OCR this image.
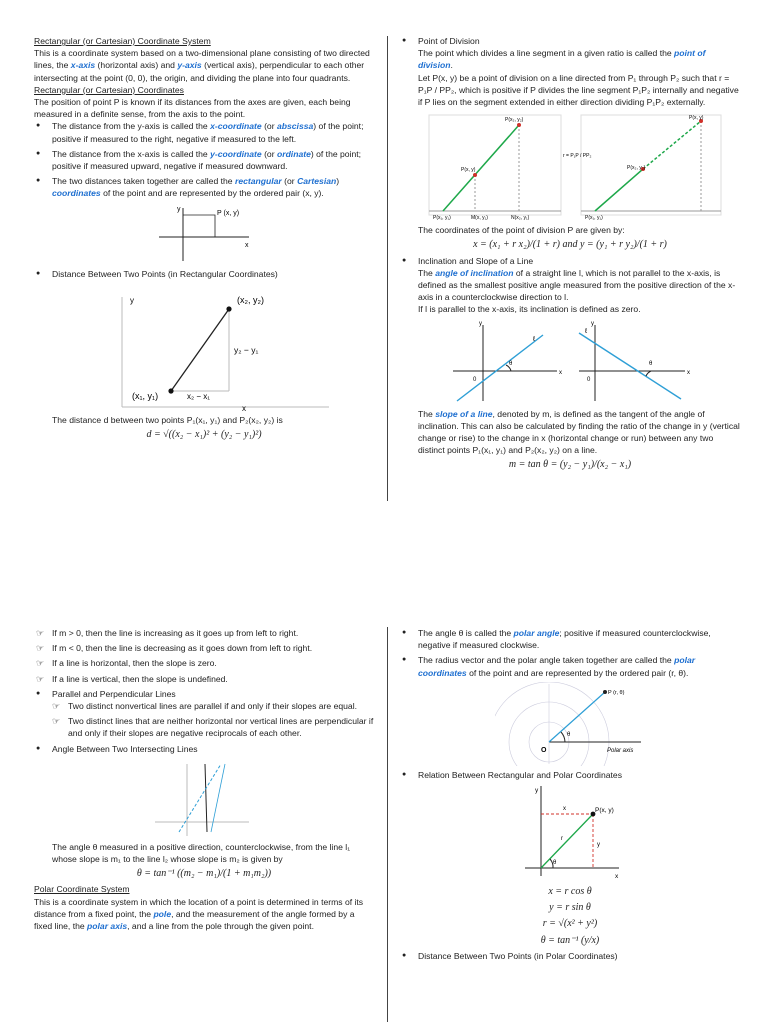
Rectangular (or Cartesian) Coordinate System

This is a coordinate system based on a two-dimensional plane consisting of two directed lines, the x-axis (horizontal axis) and y-axis (vertical axis), perpendicular to each other intersecting at the point (0, 0), the origin, and dividing the plane into four quadrants.

Rectangular (or Cartesian) Coordinates

The position of point P is known if its distances from the axes are given, each being measured in a definite sense, from the axis to the point.

● The distance from the y-axis is called the x-coordinate (or abscissa) of the point; positive if measured to the right, negative if measured to the left.
● The distance from the x-axis is called the y-coordinate (or ordinate) of the point; positive if measured upward, negative if measured downward.
● The two distances taken together are called the rectangular (or Cartesian) coordinates of the point and are represented by the ordered pair (x, y).
y
x
P (x, y)
● Distance Between Two Points (in Rectangular Coordinates)
y
x
(x₂, y₂)
(x₁, y₁)
y₂ − y₁
x₂ − x₁

The distance d between two points P₁(x₁, y₁) and P₂(x₂, y₂) is

d = √((x₂ − x₁)² + (y₂ − y₁)²)

● Point of Division

The point which divides a line segment in a given ratio is called the point of division.

Let P(x, y) be a point of division on a line directed from P₁ through P₂ such that r = P₁P / PP₂, which is positive if P divides the line segment P₁P₂ internally and negative if P lies on the segment extended in either direction dividing P₁P₂ externally.

P(x₂, y₂)
P(x, y)
P(x₁, y₁)	M(x, y₁)	N(x₂, y₁)
r = P₁P / PP₂
P(x, y)
P(x₁, y₁)
P(x₂, y₂)

The coordinates of the point of division P are given by:

x = (x₁ + r x₂)/(1 + r) and y = (y₁ + r y₂)/(1 + r)

● Inclination and Slope of a Line

The angle of inclination of a straight line l, which is not parallel to the x-axis, is defined as the smallest positive angle measured from the positive direction of the x-axis in a counterclockwise direction to l.

If l is parallel to the x-axis, its inclination is defined as zero.

θ
ℓ
0
x
y
θ
ℓ
0
x
y

The slope of a line, denoted by m, is defined as the tangent of the angle of inclination. This can also be calculated by finding the ratio of the change in y (vertical change or rise) to the change in x (horizontal change or run) between any two distinct points P₁(x₁, y₁) and P₂(x₂, y₂) on a line.

m = tan θ = (y₂ − y₁)/(x₂ − x₁)

☞ If m > 0, then the line is increasing as it goes up from left to right.
☞ If m < 0, then the line is decreasing as it goes down from left to right.
☞ If a line is horizontal, then the slope is zero.
☞ If a line is vertical, then the slope is undefined.
● Parallel and Perpendicular Lines
☞ Two distinct nonvertical lines are parallel if and only if their slopes are equal.
☞ Two distinct lines that are neither horizontal nor vertical lines are perpendicular if and only if their slopes are negative reciprocals of each other.
● Angle Between Two Intersecting Lines

The angle θ measured in a positive direction, counterclockwise, from the line l₁ whose slope is m₁ to the line l₂ whose slope is m₂ is given by

θ = tan⁻¹ ((m₂ − m₁)/(1 + m₁m₂))

Polar Coordinate System

This is a coordinate system in which the location of a point is determined in terms of its distance from a fixed point, the pole, and the measurement of the angle formed by a fixed line, the polar axis, and a line from the pole through the given point.

● The angle θ is called the polar angle; positive if measured counterclockwise, negative if measured clockwise.
● The radius vector and the polar angle taken together are called the polar coordinates of the point and are represented by the ordered pair (r, θ).
P (r, θ)
Polar axis
O
θ
● Relation Between Rectangular and Polar Coordinates
P(x, y)
x
y
r
θ
y
x

x = r cos θ

y = r sin θ

r = √(x² + y²)

θ = tan⁻¹ (y/x)

● Distance Between Two Points (in Polar Coordinates)
